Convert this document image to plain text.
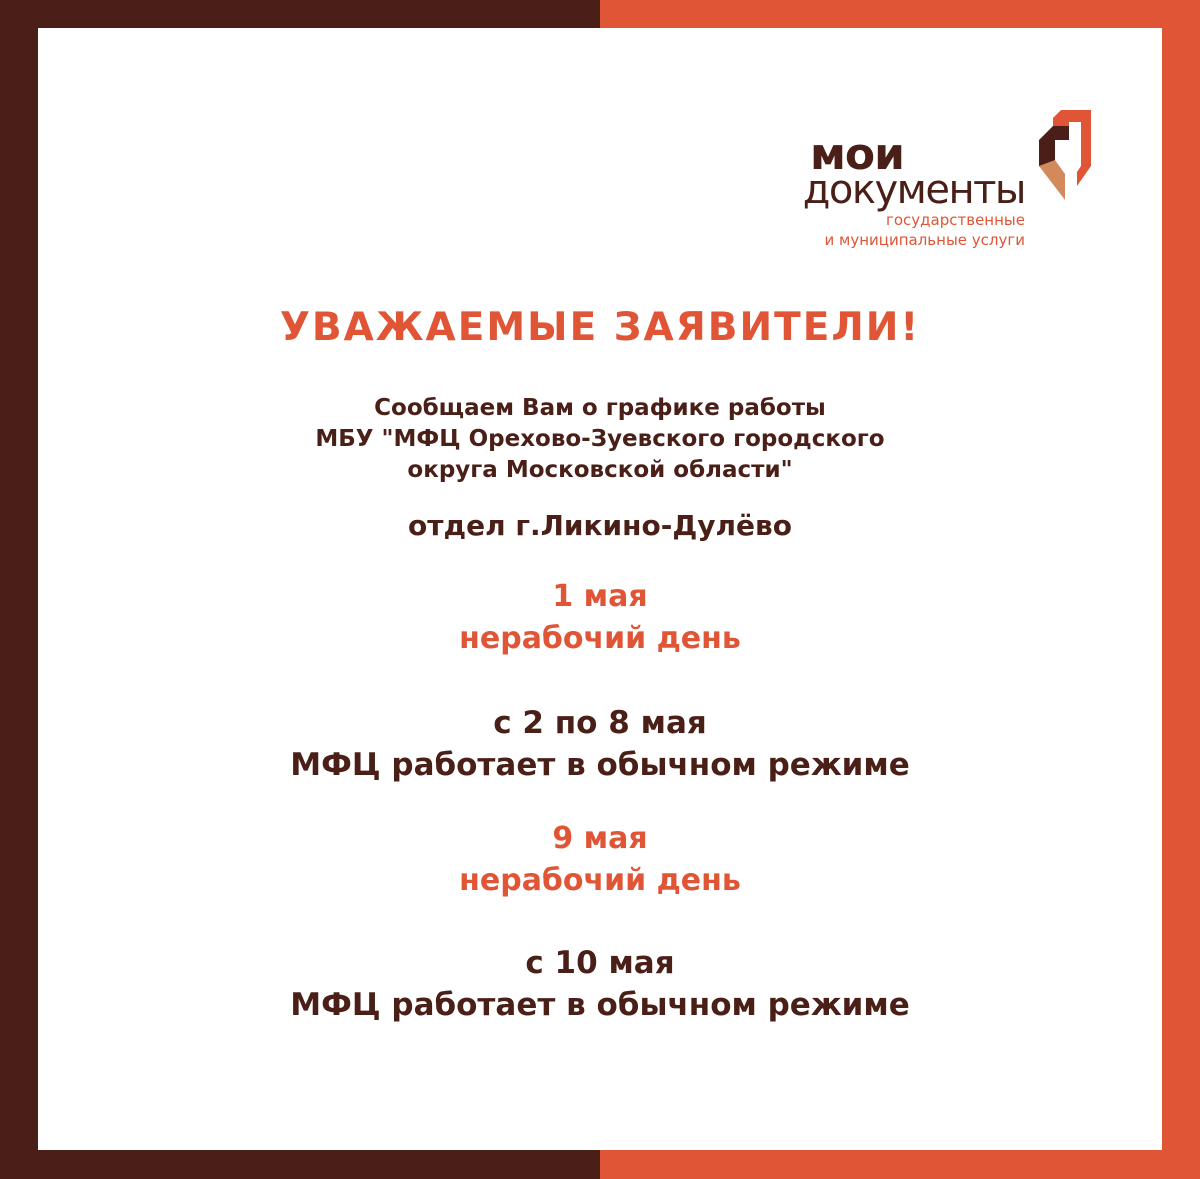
мои
документы
государственные
и муниципальные услуги
УВАЖАЕМЫЕ ЗАЯВИТЕЛИ!
Сообщаем Вам о графике работы
МБУ "МФЦ Орехово-Зуевского городского
округа Московской области"
отдел г.Ликино-Дулёво
1 мая
нерабочий день
с 2 по 8 мая
МФЦ работает в обычном режиме
9 мая
нерабочий день
с 10 мая
МФЦ работает в обычном режиме
